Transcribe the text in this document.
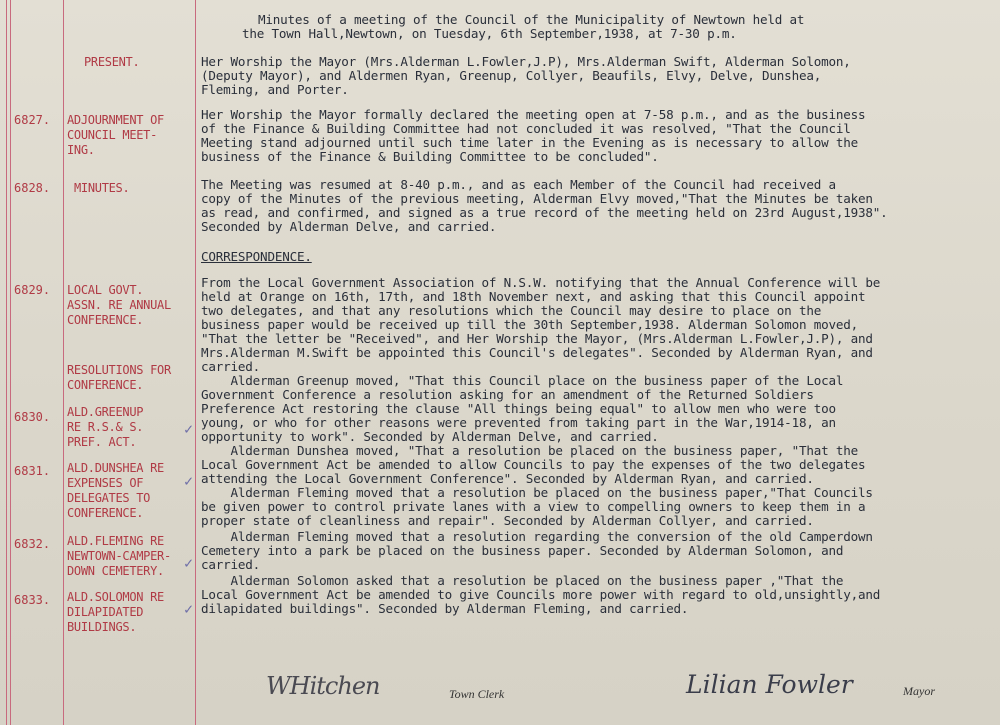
Minutes of a meeting of the Council of the Municipality of Newtown held at
the Town Hall,Newtown, on Tuesday, 6th September,1938, at 7-30 p.m.
PRESENT.	Her Worship the Mayor (Mrs.Alderman L.Fowler,J.P), Mrs.Alderman Swift, Alderman Solomon,
(Deputy Mayor), and Aldermen Ryan, Greenup, Collyer, Beaufils, Elvy, Delve, Dunshea,
Fleming, and Porter.
6827. ADJOURNMENT OF
COUNCIL MEET-
ING.
Her Worship the Mayor formally declared the meeting open at 7-58 p.m., and as the business
of the Finance & Building Committee had not concluded it was resolved, "That the Council
Meeting stand adjourned until such time later in the Evening as is necessary to allow the
business of the Finance & Building Committee to be concluded".
6828. MINUTES.	The Meeting was resumed at 8-40 p.m., and as each Member of the Council had received a
copy of the Minutes of the previous meeting, Alderman Elvy moved,"That the Minutes be taken
as read, and confirmed, and signed as a true record of the meeting held on 23rd August,1938".
Seconded by Alderman Delve, and carried.
CORRESPONDENCE.
6829. LOCAL GOVT.
ASSN. RE ANNUAL
CONFERENCE.
From the Local Government Association of N.S.W. notifying that the Annual Conference will be
held at Orange on 16th, 17th, and 18th November next, and asking that this Council appoint
two delegates, and that any resolutions which the Council may desire to place on the
business paper would be received up till the 30th September,1938. Alderman Solomon moved,
"That the letter be "Received", and Her Worship the Mayor, (Mrs.Alderman L.Fowler,J.P), and
Mrs.Alderman M.Swift be appointed this Council's delegates". Seconded by Alderman Ryan, and
carried.
RESOLUTIONS FOR
CONFERENCE.
6830. ALD.GREENUP
RE R.S.& S.
PREF. ACT.
✓
Alderman Greenup moved, "That this Council place on the business paper of the Local
Government Conference a resolution asking for an amendment of the Returned Soldiers
Preference Act restoring the clause "All things being equal" to allow men who were too
young, or who for other reasons were prevented from taking part in the War,1914-18, an
opportunity to work". Seconded by Alderman Delve, and carried.
6831. ALD.DUNSHEA RE
EXPENSES OF
DELEGATES TO
CONFERENCE.
✓
Alderman Dunshea moved, "That a resolution be placed on the business paper, "That the
Local Government Act be amended to allow Councils to pay the expenses of the two delegates
attending the Local Government Conference". Seconded by Alderman Ryan, and carried.
Alderman Fleming moved that a resolution be placed on the business paper,"That Councils
be given power to control private lanes with a view to compelling owners to keep them in a
proper state of cleanliness and repair". Seconded by Alderman Collyer, and carried.
6832. ALD.FLEMING RE
NEWTOWN-CAMPER-
DOWN CEMETERY. ✓
Alderman Fleming moved that a resolution regarding the conversion of the old Camperdown
Cemetery into a park be placed on the business paper. Seconded by Alderman Solomon, and
carried.
6833. ALD.SOLOMON RE
DILAPIDATED
BUILDINGS.
✓
Alderman Solomon asked that a resolution be placed on the business paper ,"That the
Local Government Act be amended to give Councils more power with regard to old,unsightly,and
dilapidated buildings". Seconded by Alderman Fleming, and carried.
WHitchen	Town Clerk	Lilian Fowler	Mayor
